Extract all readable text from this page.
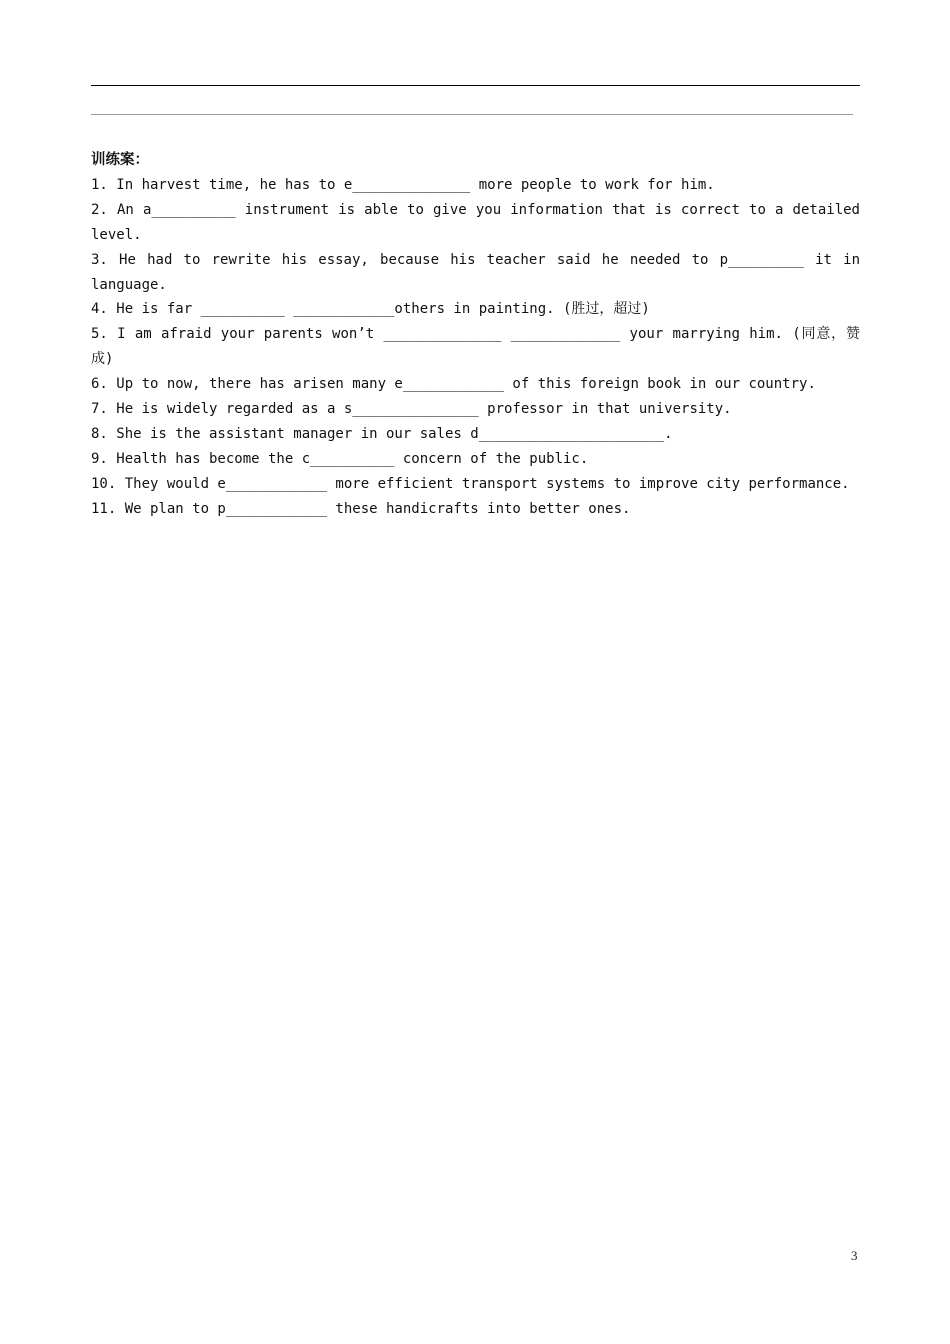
训练案：
1. In harvest time, he has to e______________ more people to work for him.
2. An a__________ instrument is able to give you information that is correct to a detailed level.
3. He had to rewrite his essay, because his teacher said he needed to p_________ it in language.
4. He is far __________ ____________others in painting. (胜过，超过)
5. I am afraid your parents won’t ______________ _____________ your marrying him. (同意，赞成)
6. Up to now, there has arisen many e____________ of this foreign book in our country.
7. He is widely regarded as a s_______________ professor in that university.
8. She is the assistant manager in our sales d______________________.
9. Health has become the c__________ concern of the public.
10. They would e____________ more efficient transport systems to improve city performance.
11. We plan to p____________ these handicrafts into better ones.
3
